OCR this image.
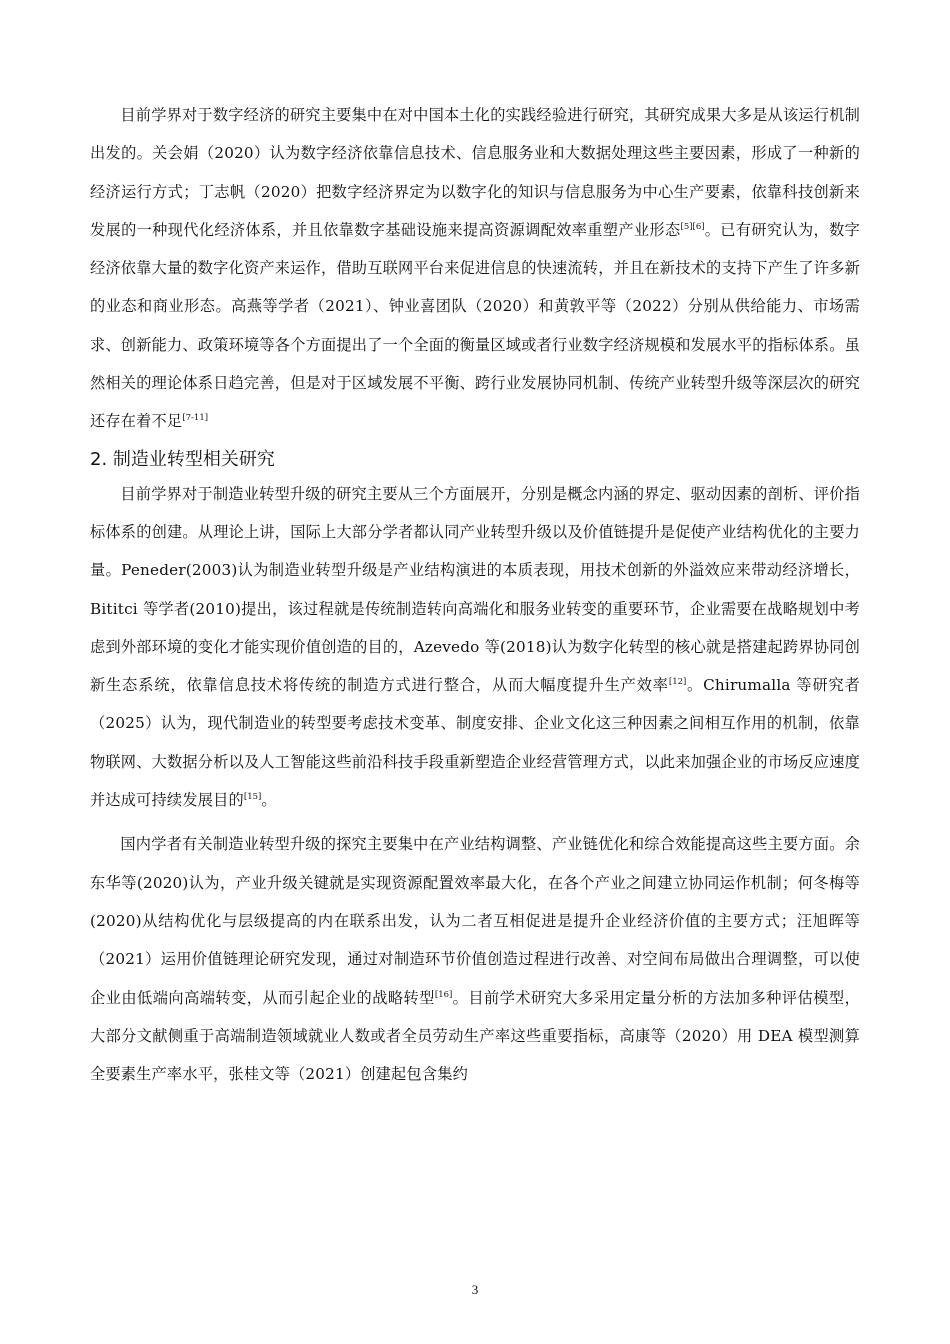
目前学界对于数字经济的研究主要集中在对中国本土化的实践经验进行研究，其研究成果大多是从该运行机制出发的。关会娟（2020）认为数字经济依靠信息技术、信息服务业和大数据处理这些主要因素，形成了一种新的经济运行方式；丁志帆（2020）把数字经济界定为以数字化的知识与信息服务为中心生产要素，依靠科技创新来发展的一种现代化经济体系，并且依靠数字基础设施来提高资源调配效率重塑产业形态[5][6]。已有研究认为，数字经济依靠大量的数字化资产来运作，借助互联网平台来促进信息的快速流转，并且在新技术的支持下产生了许多新的业态和商业形态。高燕等学者（2021）、钟业喜团队（2020）和黄敦平等（2022）分别从供给能力、市场需求、创新能力、政策环境等各个方面提出了一个全面的衡量区域或者行业数字经济规模和发展水平的指标体系。虽然相关的理论体系日趋完善，但是对于区域发展不平衡、跨行业发展协同机制、传统产业转型升级等深层次的研究还存在着不足[7-11]

2. 制造业转型相关研究

目前学界对于制造业转型升级的研究主要从三个方面展开，分别是概念内涵的界定、驱动因素的剖析、评价指标体系的创建。从理论上讲，国际上大部分学者都认同产业转型升级以及价值链提升是促使产业结构优化的主要力量。Peneder(2003)认为制造业转型升级是产业结构演进的本质表现，用技术创新的外溢效应来带动经济增长，Bititci 等学者(2010)提出，该过程就是传统制造转向高端化和服务业转变的重要环节，企业需要在战略规划中考虑到外部环境的变化才能实现价值创造的目的，Azevedo 等(2018)认为数字化转型的核心就是搭建起跨界协同创新生态系统，依靠信息技术将传统的制造方式进行整合，从而大幅度提升生产效率[12]。Chirumalla 等研究者（2025）认为，现代制造业的转型要考虑技术变革、制度安排、企业文化这三种因素之间相互作用的机制，依靠物联网、大数据分析以及人工智能这些前沿科技手段重新塑造企业经营管理方式，以此来加强企业的市场反应速度并达成可持续发展目的[15]。

国内学者有关制造业转型升级的探究主要集中在产业结构调整、产业链优化和综合效能提高这些主要方面。余东华等(2020)认为，产业升级关键就是实现资源配置效率最大化，在各个产业之间建立协同运作机制；何冬梅等(2020)从结构优化与层级提高的内在联系出发，认为二者互相促进是提升企业经济价值的主要方式；汪旭晖等（2021）运用价值链理论研究发现，通过对制造环节价值创造过程进行改善、对空间布局做出合理调整，可以使企业由低端向高端转变，从而引起企业的战略转型[16]。目前学术研究大多采用定量分析的方法加多种评估模型，大部分文献侧重于高端制造领域就业人数或者全员劳动生产率这些重要指标，高康等（2020）用 DEA 模型测算全要素生产率水平，张桂文等（2021）创建起包含集约

3
